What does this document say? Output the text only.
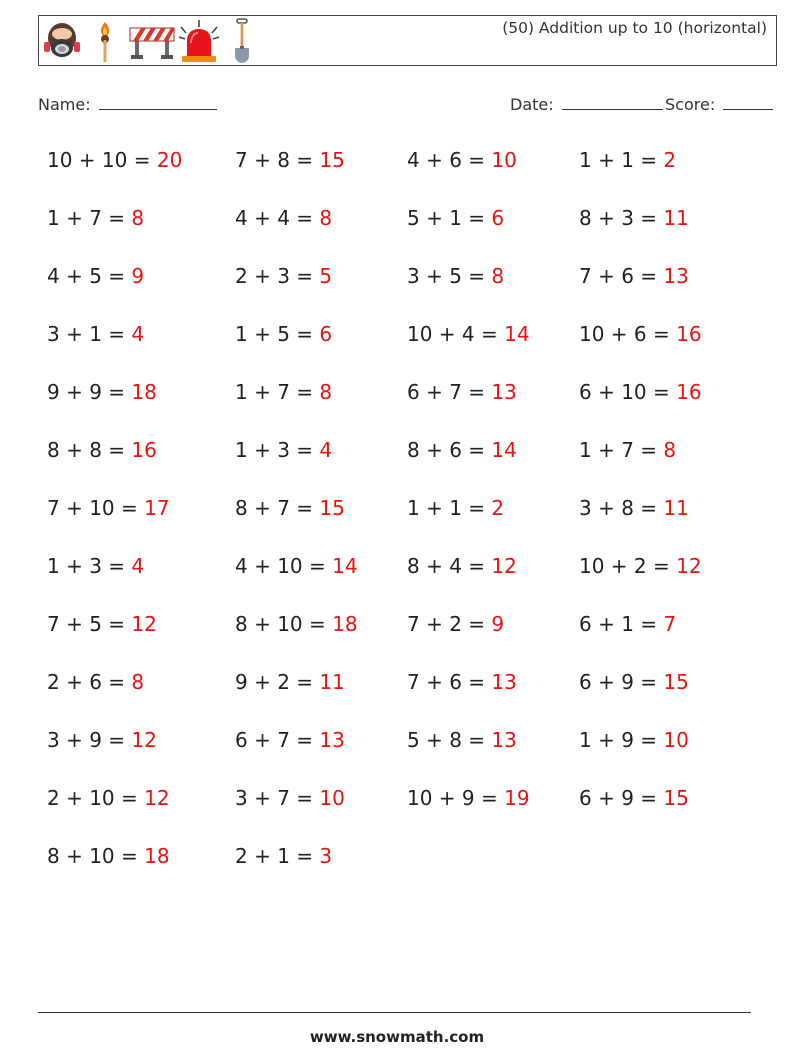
(50) Addition up to 10 (horizontal)
Name:	Date:	Score:
10 + 10 = 20	7 + 8 = 15	4 + 6 = 10	1 + 1 = 2
1 + 7 = 8	4 + 4 = 8	5 + 1 = 6	8 + 3 = 11
4 + 5 = 9	2 + 3 = 5	3 + 5 = 8	7 + 6 = 13
3 + 1 = 4	1 + 5 = 6	10 + 4 = 14 10 + 6 = 16
9 + 9 = 18	1 + 7 = 8	6 + 7 = 13	6 + 10 = 16
8 + 8 = 16	1 + 3 = 4	8 + 6 = 14	1 + 7 = 8
7 + 10 = 17	8 + 7 = 15	1 + 1 = 2	3 + 8 = 11
1 + 3 = 4	4 + 10 = 14 8 + 4 = 12	10 + 2 = 12
7 + 5 = 12	8 + 10 = 18 7 + 2 = 9	6 + 1 = 7
2 + 6 = 8	9 + 2 = 11	7 + 6 = 13	6 + 9 = 15
3 + 9 = 12	6 + 7 = 13	5 + 8 = 13	1 + 9 = 10
2 + 10 = 12	3 + 7 = 10	10 + 9 = 19 6 + 9 = 15
8 + 10 = 18	2 + 1 = 3
www.snowmath.com
